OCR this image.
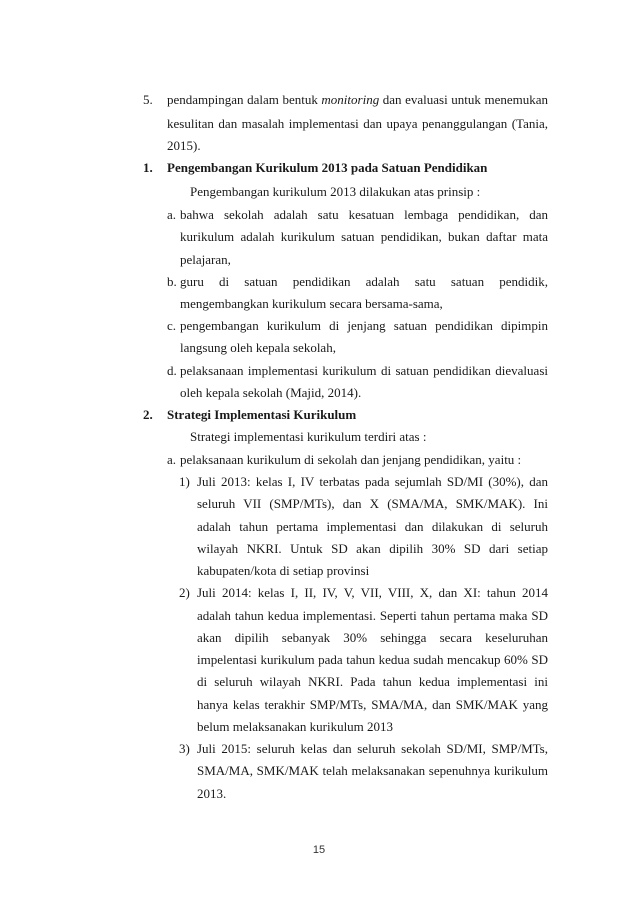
5. pendampingan dalam bentuk monitoring dan evaluasi untuk menemukan
kesulitan dan masalah implementasi dan upaya penanggulangan (Tania,
2015).
1. Pengembangan Kurikulum 2013 pada Satuan Pendidikan
Pengembangan kurikulum 2013 dilakukan atas prinsip :
a. bahwa sekolah adalah satu kesatuan lembaga pendidikan, dan
kurikulum adalah kurikulum satuan pendidikan, bukan daftar mata
pelajaran,
b. guru di satuan pendidikan adalah satu satuan pendidik,
mengembangkan kurikulum secara bersama-sama,
c. pengembangan kurikulum di jenjang satuan pendidikan dipimpin
langsung oleh kepala sekolah,
d. pelaksanaan implementasi kurikulum di satuan pendidikan dievaluasi
oleh kepala sekolah (Majid, 2014).
2. Strategi Implementasi Kurikulum
Strategi implementasi kurikulum terdiri atas :
a. pelaksanaan kurikulum di sekolah dan jenjang pendidikan, yaitu :
1) Juli 2013: kelas I, IV terbatas pada sejumlah SD/MI (30%), dan
seluruh VII (SMP/MTs), dan X (SMA/MA, SMK/MAK). Ini
adalah tahun pertama implementasi dan dilakukan di seluruh
wilayah NKRI. Untuk SD akan dipilih 30% SD dari setiap
kabupaten/kota di setiap provinsi
2) Juli 2014: kelas I, II, IV, V, VII, VIII, X, dan XI: tahun 2014
adalah tahun kedua implementasi. Seperti tahun pertama maka SD
akan dipilih sebanyak 30% sehingga secara keseluruhan
impelentasi kurikulum pada tahun kedua sudah mencakup 60% SD
di seluruh wilayah NKRI. Pada tahun kedua implementasi ini
hanya kelas terakhir SMP/MTs, SMA/MA, dan SMK/MAK yang
belum melaksanakan kurikulum 2013
3) Juli 2015: seluruh kelas dan seluruh sekolah SD/MI, SMP/MTs,
SMA/MA, SMK/MAK telah melaksanakan sepenuhnya kurikulum
2013.
15
